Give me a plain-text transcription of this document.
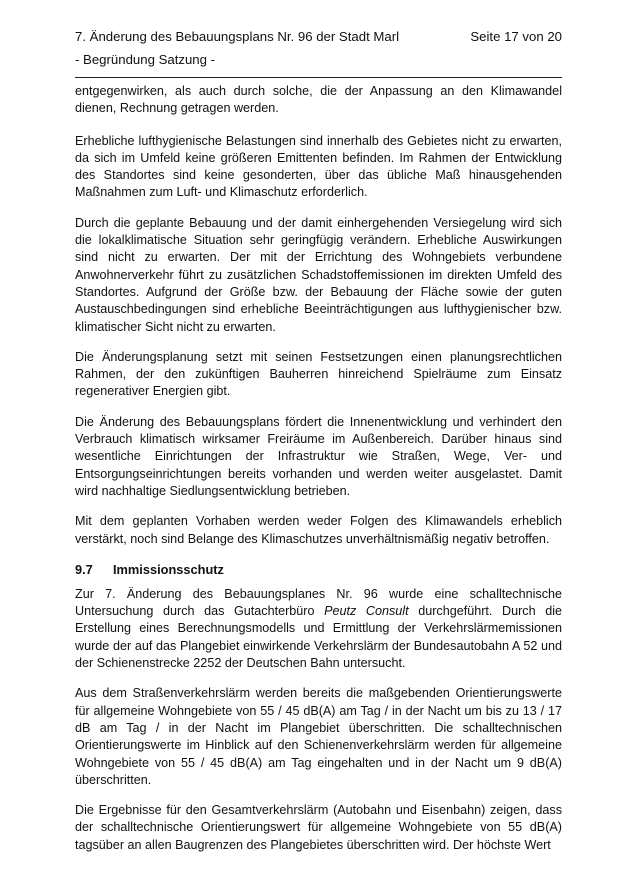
7. Änderung des Bebauungsplans Nr. 96 der Stadt Marl	Seite 17 von 20
- Begründung Satzung -

entgegenwirken, als auch durch solche, die der Anpassung an den Klimawandel dienen, Rechnung getragen werden.

Erhebliche lufthygienische Belastungen sind innerhalb des Gebietes nicht zu erwarten, da sich im Umfeld keine größeren Emittenten befinden. Im Rahmen der Entwicklung des Standortes sind keine gesonderten, über das übliche Maß hinausgehenden Maßnahmen zum Luft- und Klimaschutz erforderlich.

Durch die geplante Bebauung und der damit einhergehenden Versiegelung wird sich die lokalklimatische Situation sehr geringfügig verändern. Erhebliche Auswirkungen sind nicht zu erwarten. Der mit der Errichtung des Wohngebiets verbundene Anwohnerverkehr führt zu zusätzlichen Schadstoffemissionen im direkten Umfeld des Standortes. Aufgrund der Größe bzw. der Bebauung der Fläche sowie der guten Austauschbedingungen sind erhebliche Beeinträchtigungen aus lufthygienischer bzw. klimatischer Sicht nicht zu erwarten.

Die Änderungsplanung setzt mit seinen Festsetzungen einen planungsrechtlichen Rahmen, der den zukünftigen Bauherren hinreichend Spielräume zum Einsatz regenerativer Energien gibt.

Die Änderung des Bebauungsplans fördert die Innenentwicklung und verhindert den Verbrauch klimatisch wirksamer Freiräume im Außenbereich. Darüber hinaus sind wesentliche Einrichtungen der Infrastruktur wie Straßen, Wege, Ver- und Entsorgungseinrichtungen bereits vorhanden und werden weiter ausgelastet. Damit wird nachhaltige Siedlungsentwicklung betrieben.

Mit dem geplanten Vorhaben werden weder Folgen des Klimawandels erheblich verstärkt, noch sind Belange des Klimaschutzes unverhältnismäßig negativ betroffen.

9.7	Immissionsschutz

Zur 7. Änderung des Bebauungsplanes Nr. 96 wurde eine schalltechnische Untersuchung durch das Gutachterbüro Peutz Consult durchgeführt. Durch die Erstellung eines Berechnungsmodells und Ermittlung der Verkehrslärmemissionen wurde der auf das Plangebiet einwirkende Verkehrslärm der Bundesautobahn A 52 und der Schienenstrecke 2252 der Deutschen Bahn untersucht.

Aus dem Straßenverkehrslärm werden bereits die maßgebenden Orientierungswerte für allgemeine Wohngebiete von 55 / 45 dB(A) am Tag / in der Nacht um bis zu 13 / 17 dB am Tag / in der Nacht im Plangebiet überschritten. Die schalltechnischen Orientierungswerte im Hinblick auf den Schienenverkehrslärm werden für allgemeine Wohngebiete von 55 / 45 dB(A) am Tag eingehalten und in der Nacht um 9 dB(A) überschritten.

Die Ergebnisse für den Gesamtverkehrslärm (Autobahn und Eisenbahn) zeigen, dass der schalltechnische Orientierungswert für allgemeine Wohngebiete von 55 dB(A) tagsüber an allen Baugrenzen des Plangebietes überschritten wird. Der höchste Wert
